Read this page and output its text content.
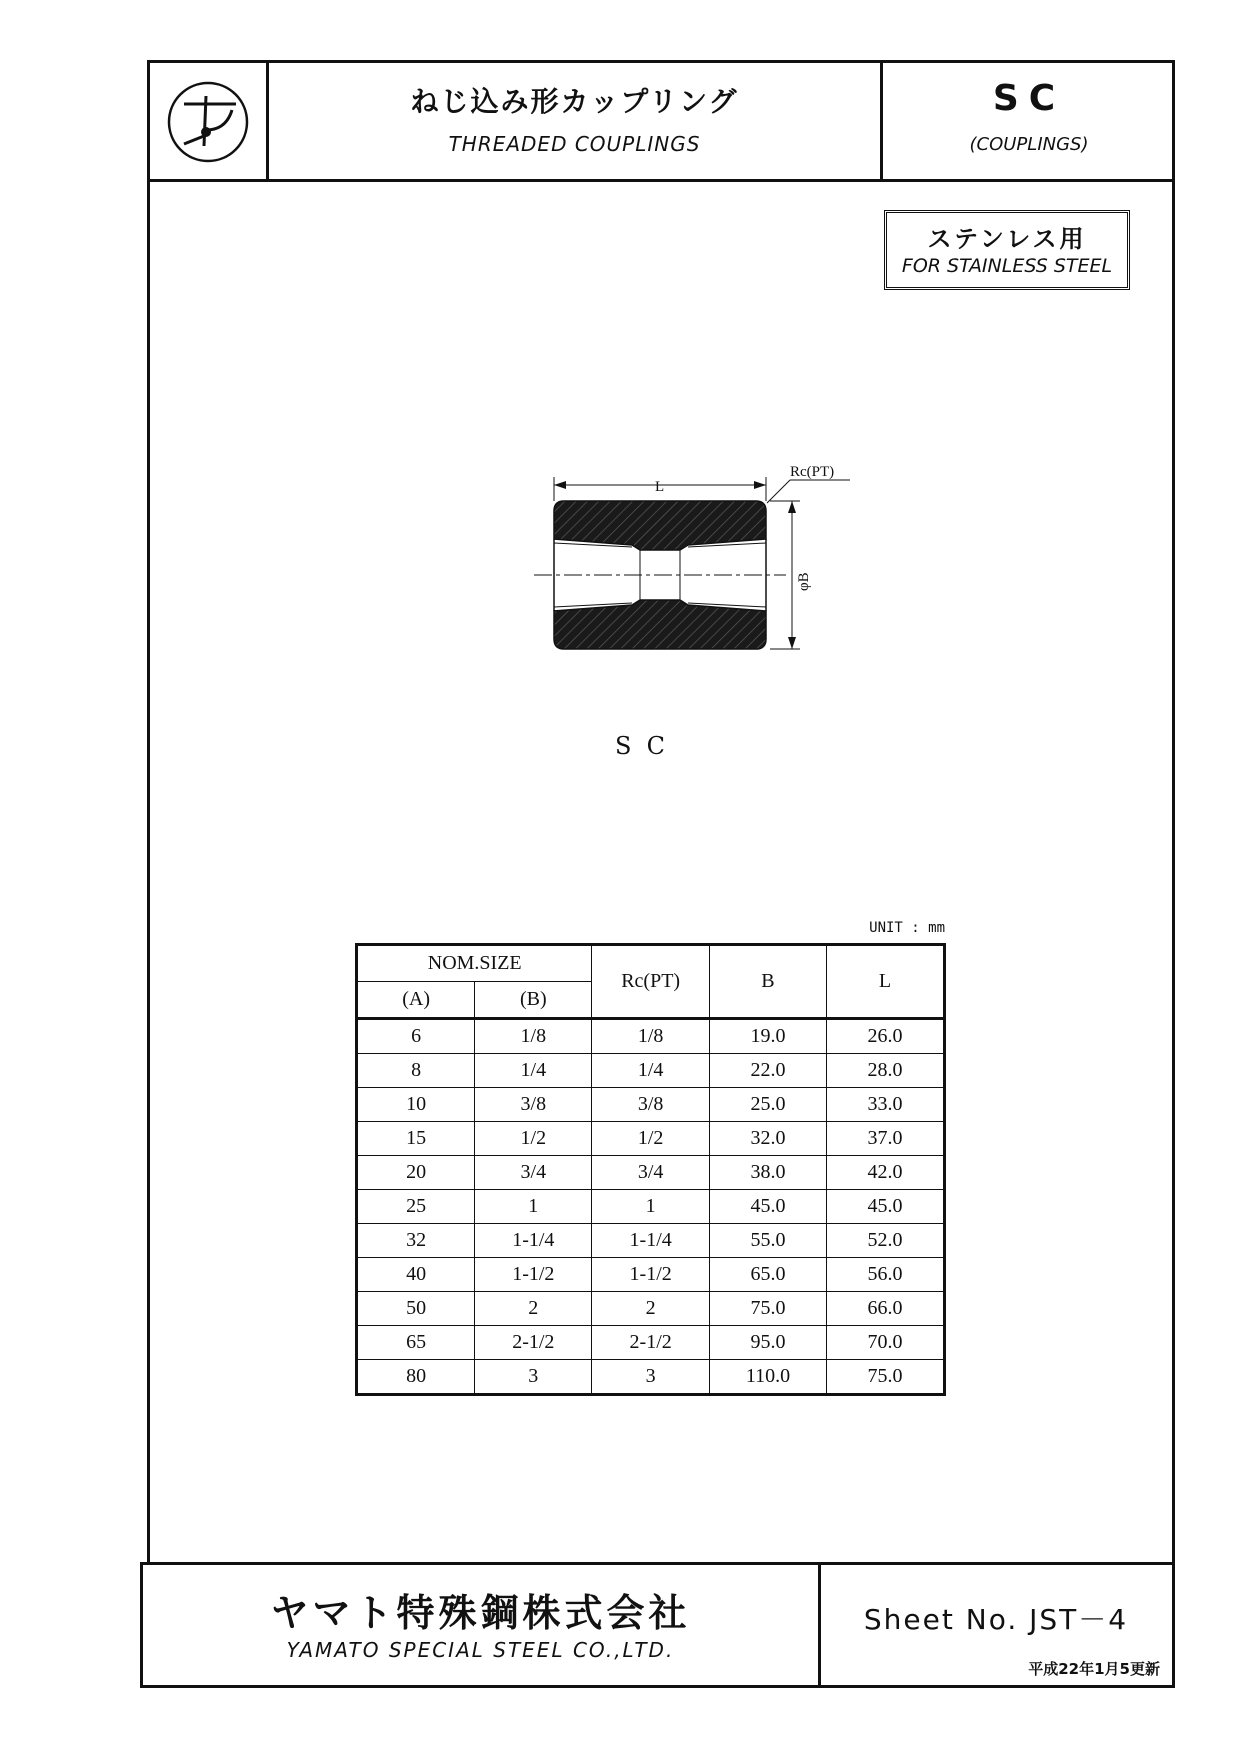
ねじ込み形カップリング
THREADED COUPLINGS
SC
(COUPLINGS)
ステンレス用
FOR STAINLESS STEEL
L
Rc(PT)
φB
S  C
UNIT : mm
NOM.SIZE		Rc(PT)	B	L
(A)	(B)			
6	1/8	1/8	19.0	26.0
8	1/4	1/4	22.0	28.0
10	3/8	3/8	25.0	33.0
15	1/2	1/2	32.0	37.0
20	3/4	3/4	38.0	42.0
25	1	1	45.0	45.0
32	1-1/4	1-1/4	55.0	52.0
40	1-1/2	1-1/2	65.0	56.0
50	2	2	75.0	66.0
65	2-1/2	2-1/2	95.0	70.0
80	3	3	110.0	75.0
ヤマト特殊鋼株式会社
YAMATO SPECIAL STEEL CO.,LTD.
Sheet No. JST－4
平成22年1月5更新
